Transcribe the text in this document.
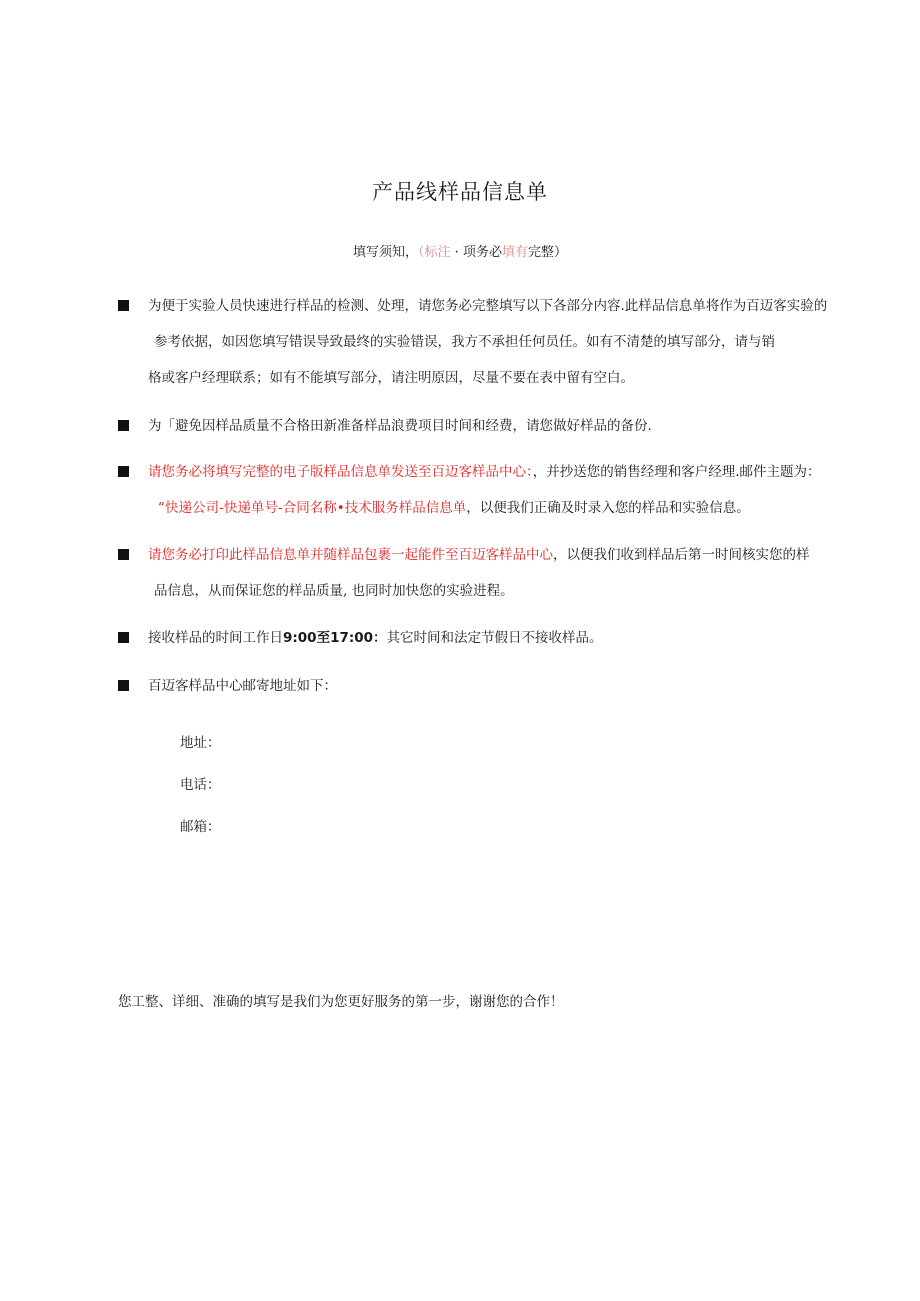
产品线样品信息单
填写须知，（标注 · 项务必填有完整）
为便于实验人员快速进行样品的检测、处理，请您务必完整填写以下各部分内容.此样品信息单将作为百迈客实验的
参考依据，如因您填写错误导致最终的实验错误，我方不承担任何员任。如有不清楚的填写部分，请与销
格或客户经理联系；如有不能填写部分，请注明原因，尽量不要在表中留有空白。
为「避免因样品质量不合格田新准备样品浪费项目时间和经费，请您做好样品的备份.
请您务必将填写完整的电子版样品信息单发送至百迈客样品中心：，并抄送您的销售经理和客户经理.邮件主题为：
“快递公司-快递单号-合同名称•技术服务样品信息单，以便我们正确及时录入您的样品和实验信息。
请您务必打印此样品信息单并随样品包裹一起能件至百迈客样品中心，以便我们收到样品后第一时间核实您的样
品信息，从而保证您的样品质量, 也同时加快您的实验进程。
接收样品的时间工作日9:00至17:00：其它时间和法定节假日不接收样品。
百迈客样品中心邮寄地址如下：
地址：
电话：
邮箱：
您工整、详细、准确的填写是我们为您更好服务的第一步，谢谢您的合作！
